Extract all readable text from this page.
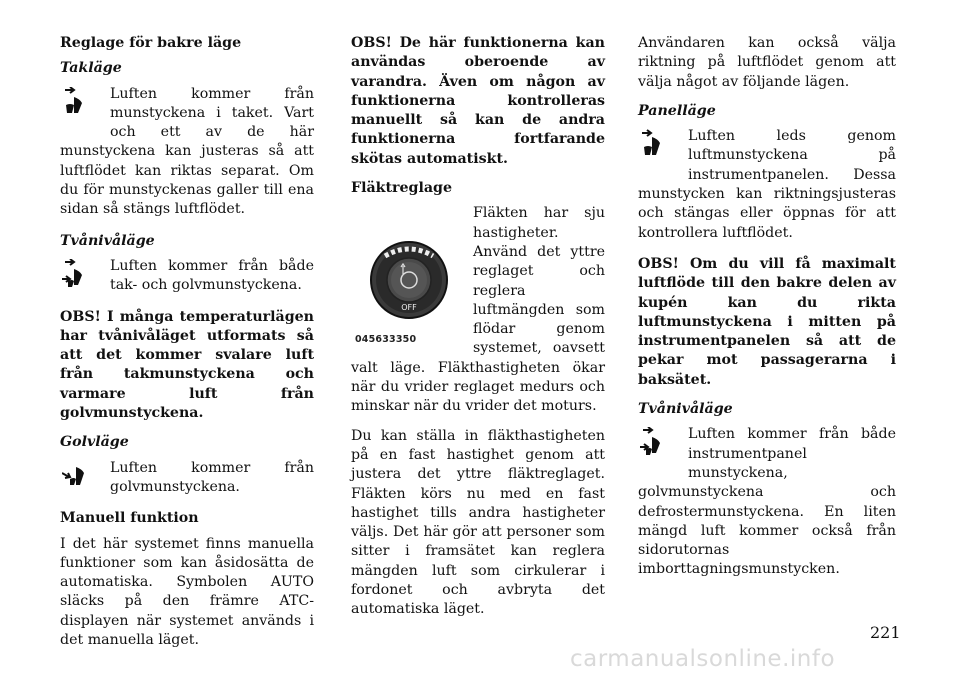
Reglage för bakre läge

Takläge

Luften kommer från munstyckena i taket. Vart och ett av de här munstyckena kan justeras så att luftflödet kan riktas separat. Om du för munstyckenas galler till ena sidan så stängs luftflödet.

Tvånivåläge

Luften kommer från både tak- och golvmunstyckena.

OBS! I många temperaturlägen har tvånivåläget utformats så att det kommer svalare luft från takmunstyckena och varmare luft från golvmunstyckena.

Golvläge

Luften kommer från golvmunstyckena.

Manuell funktion

I det här systemet finns manuella funktioner som kan åsidosätta de automatiska. Symbolen AUTO släcks på den främre ATC-displayen när systemet används i det manuella läget.

OBS! De här funktionerna kan användas oberoende av varandra. Även om någon av funktionerna kontrolleras manuellt så kan de andra funktionerna fortfarande skötas automatiskt.

Fläktreglage

OFF
045633350

Fläkten har sju hastigheter. Använd det yttre reglaget och reglera luftmängden som flödar genom systemet, oavsett valt läge. Fläkthastigheten ökar när du vrider reglaget medurs och minskar när du vrider det moturs.

Du kan ställa in fläkthastigheten på en fast hastighet genom att justera det yttre fläktreglaget. Fläkten körs nu med en fast hastighet tills andra hastigheter väljs. Det här gör att personer som sitter i framsätet kan reglera mängden luft som cirkulerar i fordonet och avbryta det automatiska läget.

Användaren kan också välja riktning på luftflödet genom att välja något av följande lägen.

Panelläge

Luften leds genom luftmunstyckena på instrumentpanelen. Dessa munstycken kan riktningsjusteras och stängas eller öppnas för att kontrollera luftflödet.

OBS! Om du vill få maximalt luftflöde till den bakre delen av kupén kan du rikta luftmunstyckena i mitten på instrumentpanelen så att de pekar mot passagerarna i baksätet.

Tvånivåläge

Luften kommer från både instrumentpanel munstyckena, golvmunstyckena och defrostermunstyckena. En liten mängd luft kommer också från sidorutornas imborttagningsmunstycken.

221
carmanualsonline.info
